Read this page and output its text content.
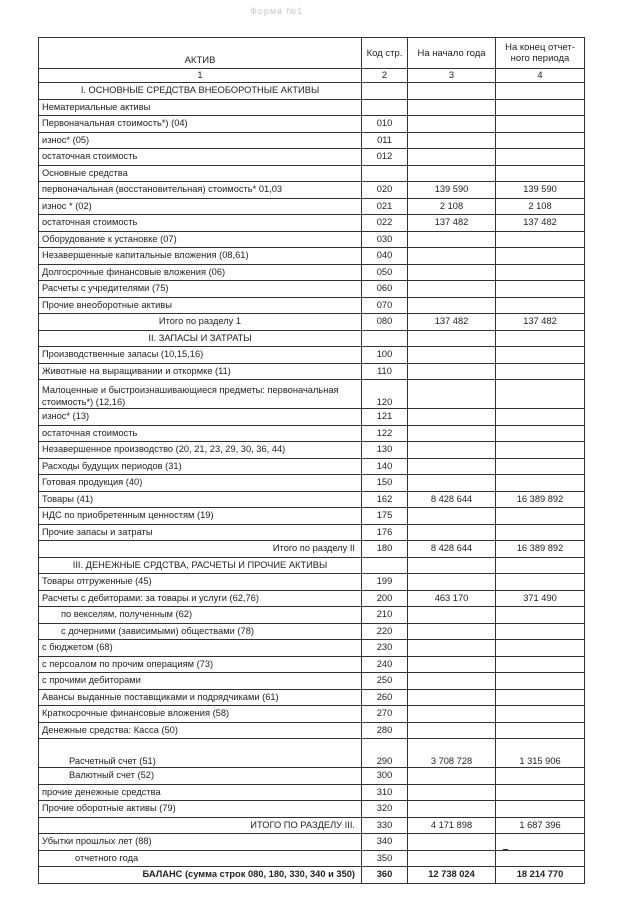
Форма №1
АКТИВ	Код стр.	На начало года	На конец отчет-ного периода
1	2	3	4
I. ОСНОВНЫЕ СРЕДСТВА ВНЕОБОРОТНЫЕ АКТИВЫ			
Нематериальные активы			
Первоначальная стоимость*) (04)	010		
износ* (05)	011		
остаточная стоимость	012		
Основные средства			
первоначальная (восстановительная) стоимость* 01,03	020	139 590	139 590
износ * (02)	021	2 108	2 108
остаточная стоимость	022	137 482	137 482
Оборудование к установке (07)	030		
Незавершенные капитальные вложения (08,61)	040		
Долгосрочные финансовые вложения (06)	050		
Расчеты с учредителями (75)	060		
Прочие внеоборотные активы	070		
Итого по разделу 1	080	137 482	137 482
II. ЗАПАСЫ И ЗАТРАТЫ			
Производственные запасы (10,15,16)	100		
Животные на выращивании и откормке (11)	110		
Малоценные и быстроизнашивающиеся предметы: первоначальная стоимость*) (12,16)	120		
износ* (13)	121		
остаточная стоимость	122		
Незавершенное производство (20, 21, 23, 29, 30, 36, 44)	130		
Расходы будущих периодов (31)	140		
Готовая продукция (40)	150		
Товары (41)	162	8 428 644	16 389 892
НДС по приобретенным ценностям (19)	175		
Прочие запасы и затраты	176		
Итого по разделу II	180	8 428 644	16 389 892
III. ДЕНЕЖНЫЕ СРДСТВА, РАСЧЕТЫ И ПРОЧИЕ АКТИВЫ			
Товары отгруженные (45)	199		
Расчеты с дебиторами: за товары и услуги (62,76)	200	463 170	371 490
по векселям, полученным (62)	210		
с дочерними (зависимыми) обществами (78)	220		
с бюджетом (68)	230		
с персоалом по прочим операциям (73)	240		
с прочими дебиторами	250		
Авансы выданные поставщиками и подрядчиками (61)	260		
Краткосрочные финансовые вложения (58)	270		
Денежные средства: Касса (50)	280		
Расчетный счет (51)	290	3 708 728	1 315 906
Валютный счет (52)	300		
прочие денежные средства	310		
Прочие оборотные активы (79)	320		
ИТОГО ПО РАЗДЕЛУ III.	330	4 171 898	1 687 396
Убытки прошлых лет (88)	340		
отчетного года	350		
БАЛАНС (сумма строк 080, 180, 330, 340 и 350)	360	12 738 024	18 214 770
